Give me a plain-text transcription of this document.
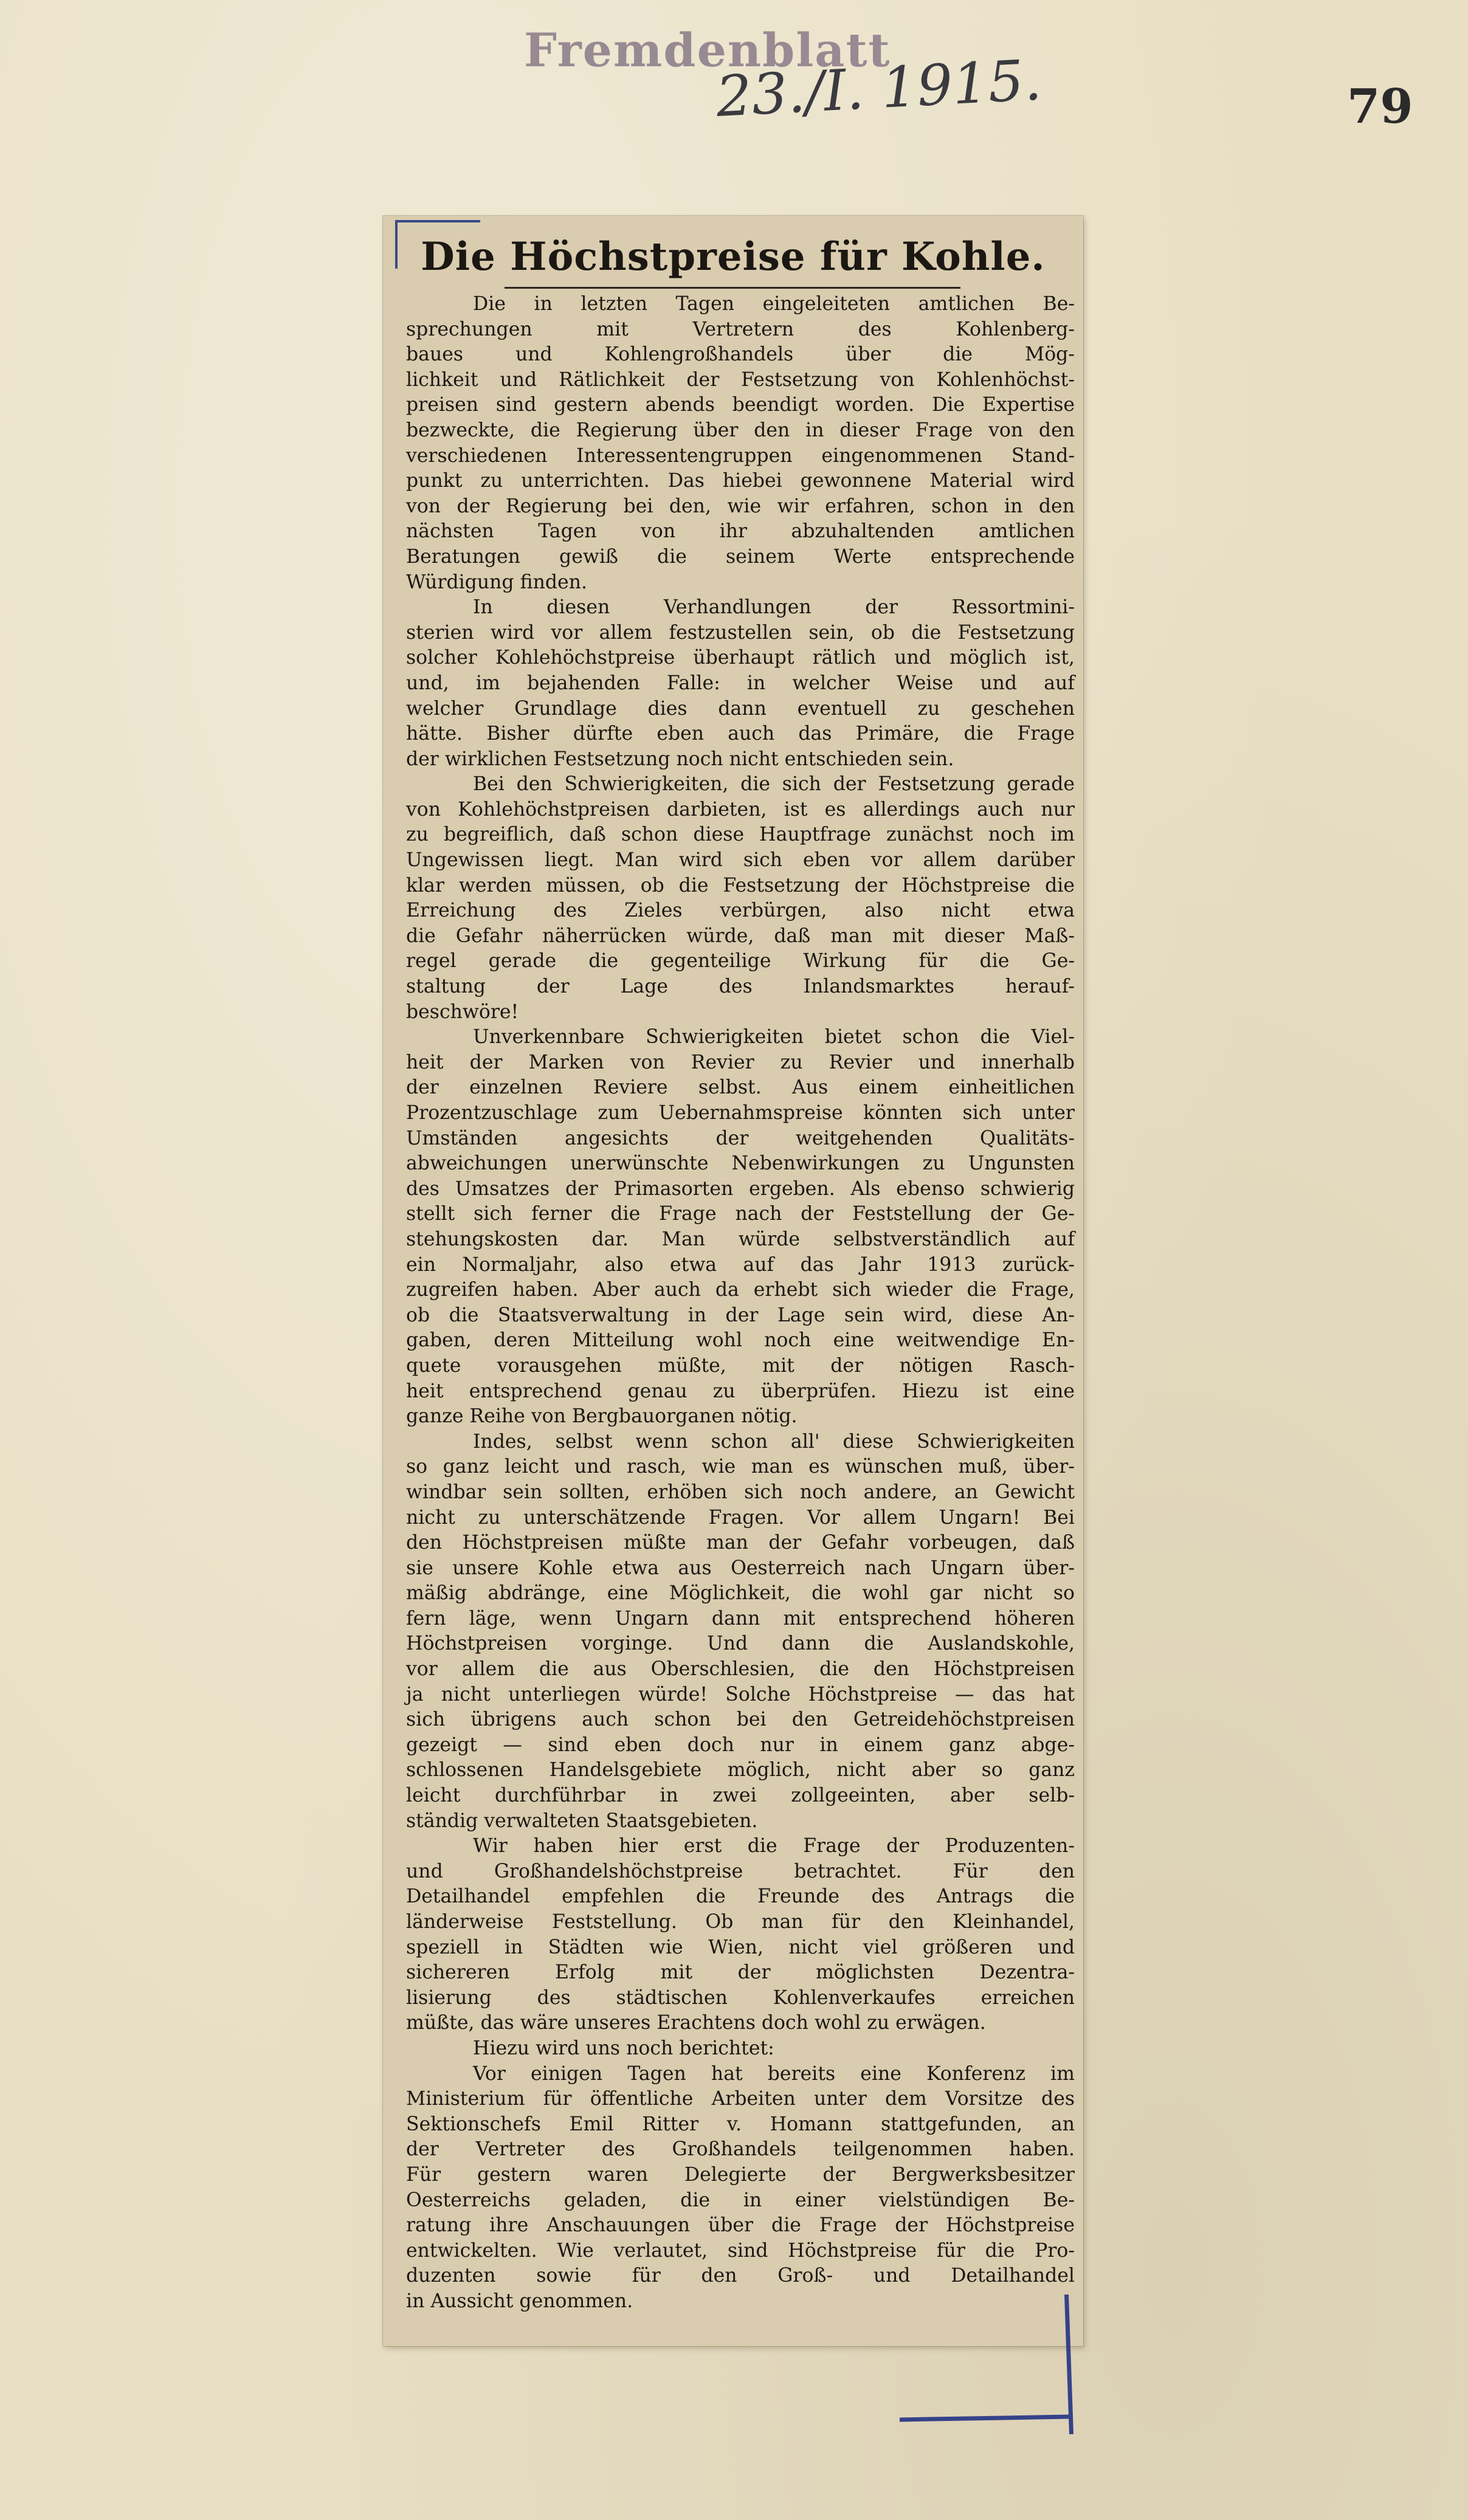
Fremdenblatt
23./I. 1915.	79
Die Höchstpreise für Kohle.

Die in letzten Tagen eingeleiteten amtlichen Be-
sprechungen mit Vertretern des Kohlenberg-
baues und Kohlengroßhandels über die Mög-
lichkeit und Rätlichkeit der Festsetzung von Kohlenhöchst-
preisen sind gestern abends beendigt worden. Die Expertise
bezweckte, die Regierung über den in dieser Frage von den
verschiedenen Interessentengruppen eingenommenen Stand-
punkt zu unterrichten. Das hiebei gewonnene Material wird
von der Regierung bei den, wie wir erfahren, schon in den
nächsten Tagen von ihr abzuhaltenden amtlichen
Beratungen gewiß die seinem Werte entsprechende
Würdigung finden.

In diesen Verhandlungen der Ressortmini-
sterien wird vor allem festzustellen sein, ob die Festsetzung
solcher Kohlehöchstpreise überhaupt rätlich und möglich ist,
und, im bejahenden Falle: in welcher Weise und auf
welcher Grundlage dies dann eventuell zu geschehen
hätte. Bisher dürfte eben auch das Primäre, die Frage
der wirklichen Festsetzung noch nicht entschieden sein.

Bei den Schwierigkeiten, die sich der Festsetzung gerade
von Kohlehöchstpreisen darbieten, ist es allerdings auch nur
zu begreiflich, daß schon diese Hauptfrage zunächst noch im
Ungewissen liegt. Man wird sich eben vor allem darüber
klar werden müssen, ob die Festsetzung der Höchstpreise die
Erreichung des Zieles verbürgen, also nicht etwa
die Gefahr näherrücken würde, daß man mit dieser Maß-
regel gerade die gegenteilige Wirkung für die Ge-
staltung der Lage des Inlandsmarktes herauf-
beschwöre!

Unverkennbare Schwierigkeiten bietet schon die Viel-
heit der Marken von Revier zu Revier und innerhalb
der einzelnen Reviere selbst. Aus einem einheitlichen
Prozentzuschlage zum Uebernahmspreise könnten sich unter
Umständen angesichts der weitgehenden Qualitäts-
abweichungen unerwünschte Nebenwirkungen zu Ungunsten
des Umsatzes der Primasorten ergeben. Als ebenso schwierig
stellt sich ferner die Frage nach der Feststellung der Ge-
stehungskosten dar. Man würde selbstverständlich auf
ein Normaljahr, also etwa auf das Jahr 1913 zurück-
zugreifen haben. Aber auch da erhebt sich wieder die Frage,
ob die Staatsverwaltung in der Lage sein wird, diese An-
gaben, deren Mitteilung wohl noch eine weitwendige En-
quete vorausgehen müßte, mit der nötigen Rasch-
heit entsprechend genau zu überprüfen. Hiezu ist eine
ganze Reihe von Bergbauorganen nötig.

Indes, selbst wenn schon all' diese Schwierigkeiten
so ganz leicht und rasch, wie man es wünschen muß, über-
windbar sein sollten, erhöben sich noch andere, an Gewicht
nicht zu unterschätzende Fragen. Vor allem Ungarn! Bei
den Höchstpreisen müßte man der Gefahr vorbeugen, daß
sie unsere Kohle etwa aus Oesterreich nach Ungarn über-
mäßig abdränge, eine Möglichkeit, die wohl gar nicht so
fern läge, wenn Ungarn dann mit entsprechend höheren
Höchstpreisen vorginge. Und dann die Auslandskohle,
vor allem die aus Oberschlesien, die den Höchstpreisen
ja nicht unterliegen würde! Solche Höchstpreise — das hat
sich übrigens auch schon bei den Getreidehöchstpreisen
gezeigt — sind eben doch nur in einem ganz abge-
schlossenen Handelsgebiete möglich, nicht aber so ganz
leicht durchführbar in zwei zollgeeinten, aber selb-
ständig verwalteten Staatsgebieten.

Wir haben hier erst die Frage der Produzenten-
und Großhandelshöchstpreise betrachtet. Für den
Detailhandel empfehlen die Freunde des Antrags die
länderweise Feststellung. Ob man für den Kleinhandel,
speziell in Städten wie Wien, nicht viel größeren und
sichereren Erfolg mit der möglichsten Dezentra-
lisierung des städtischen Kohlenverkaufes erreichen
müßte, das wäre unseres Erachtens doch wohl zu erwägen.

Hiezu wird uns noch berichtet:

Vor einigen Tagen hat bereits eine Konferenz im
Ministerium für öffentliche Arbeiten unter dem Vorsitze des
Sektionschefs Emil Ritter v. Homann stattgefunden, an
der Vertreter des Großhandels teilgenommen haben.
Für gestern waren Delegierte der Bergwerksbesitzer
Oesterreichs geladen, die in einer vielstündigen Be-
ratung ihre Anschauungen über die Frage der Höchstpreise
entwickelten. Wie verlautet, sind Höchstpreise für die Pro-
duzenten sowie für den Groß- und Detailhandel
in Aussicht genommen.
